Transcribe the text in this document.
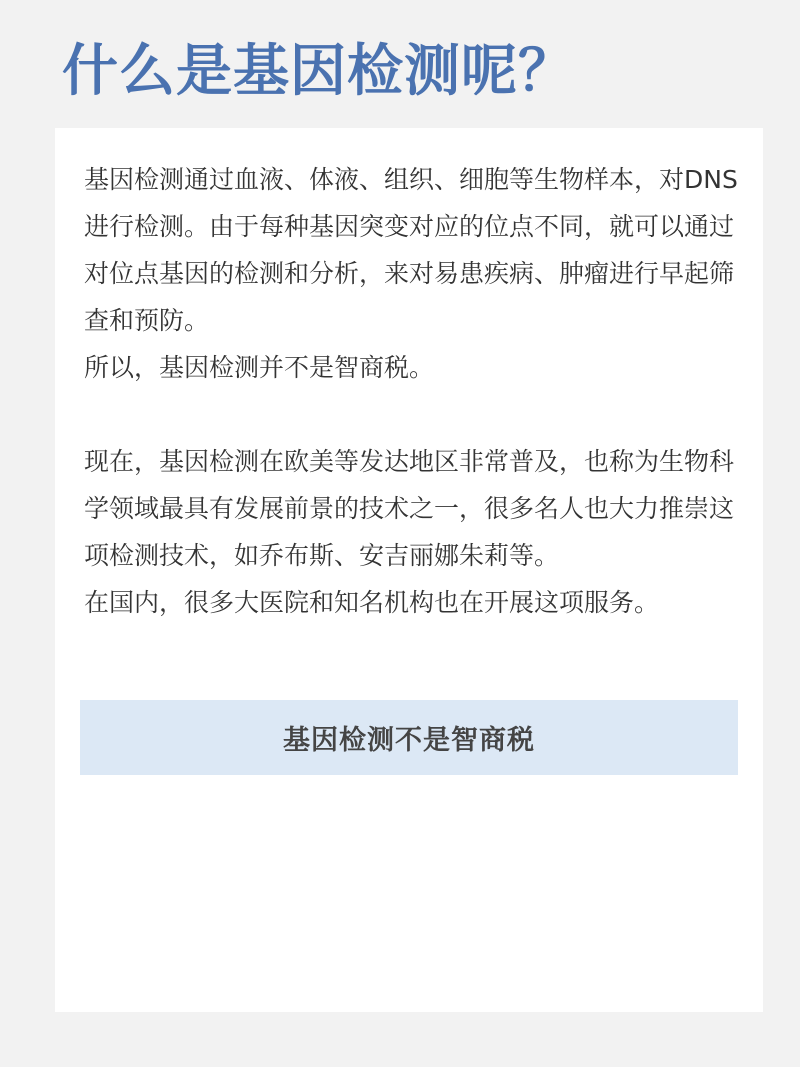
什么是基因检测呢？

基因检测通过血液、体液、组织、细胞等生物样本，对DNS进行检测。由于每种基因突变对应的位点不同，就可以通过对位点基因的检测和分析，来对易患疾病、肿瘤进行早起筛查和预防。

所以，基因检测并不是智商税。

现在，基因检测在欧美等发达地区非常普及，也称为生物科学领域最具有发展前景的技术之一，很多名人也大力推崇这项检测技术，如乔布斯、安吉丽娜朱莉等。

在国内，很多大医院和知名机构也在开展这项服务。

基因检测不是智商税
